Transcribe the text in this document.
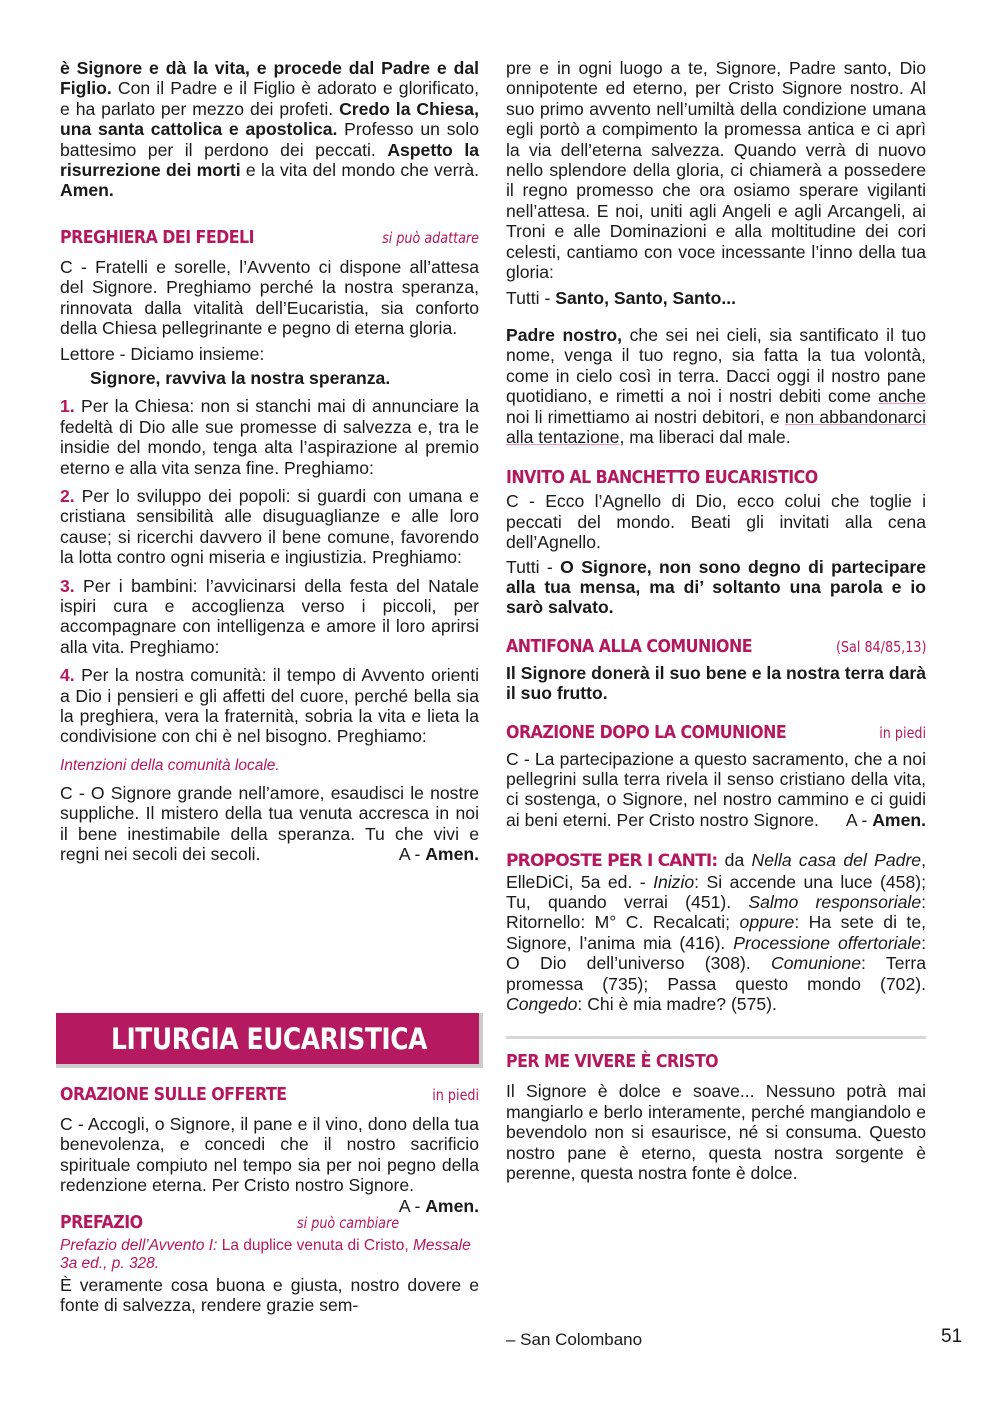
è Signore e dà la vita, e procede dal Padre e dal Figlio. Con il Padre e il Figlio è adorato e glorificato, e ha parlato per mezzo dei profeti. Credo la Chiesa, una santa cattolica e apostolica. Professo un solo battesimo per il perdono dei peccati. Aspetto la risurrezione dei morti e la vita del mondo che verrà. Amen.

PREGHIERA DEI FEDELI	si può adattare

C - Fratelli e sorelle, l’Avvento ci dispone all’attesa del Signore. Preghiamo perché la nostra speranza, rinnovata dalla vitalità dell’Eucaristia, sia conforto della Chiesa pellegrinante e pegno di eterna gloria.

Lettore - Diciamo insieme:

Signore, ravviva la nostra speranza.

1. Per la Chiesa: non si stanchi mai di annunciare la fedeltà di Dio alle sue promesse di salvezza e, tra le insidie del mondo, tenga alta l’aspirazione al premio eterno e alla vita senza fine. Preghiamo:

2. Per lo sviluppo dei popoli: si guardi con umana e cristiana sensibilità alle disuguaglianze e alle loro cause; si ricerchi davvero il bene comune, favorendo la lotta contro ogni miseria e ingiustizia. Preghiamo:

3. Per i bambini: l’avvicinarsi della festa del Natale ispiri cura e accoglienza verso i piccoli, per accompagnare con intelligenza e amore il loro aprirsi alla vita. Preghiamo:

4. Per la nostra comunità: il tempo di Avvento orienti a Dio i pensieri e gli affetti del cuore, perché bella sia la preghiera, vera la fraternità, sobria la vita e lieta la condivisione con chi è nel bisogno. Preghiamo:

Intenzioni della comunità locale.

C - O Signore grande nell’amore, esaudisci le nostre suppliche. Il mistero della tua venuta accresca in noi il bene inestimabile della speranza. Tu che vivi e regni nei secoli dei secoli.	A - Amen.

LITURGIA EUCARISTICA
ORAZIONE SULLE OFFERTE	in piedi

C - Accogli, o Signore, il pane e il vino, dono della tua benevolenza, e concedi che il nostro sacrificio spirituale compiuto nel tempo sia per noi pegno della redenzione eterna. Per Cristo nostro Signore.
A - Amen.

PREFAZIO	si può cambiare

Prefazio dell’Avvento I: La duplice venuta di Cristo, Messale 3a ed., p. 328.

È veramente cosa buona e giusta, nostro dovere e fonte di salvezza, rendere grazie sem-

pre e in ogni luogo a te, Signore, Padre santo, Dio onnipotente ed eterno, per Cristo Signore nostro. Al suo primo avvento nell’umiltà della condizione umana egli portò a compimento la promessa antica e ci aprì la via dell’eterna salvezza. Quando verrà di nuovo nello splendore della gloria, ci chiamerà a possedere il regno promesso che ora osiamo sperare vigilanti nell’attesa. E noi, uniti agli Angeli e agli Arcangeli, ai Troni e alle Dominazioni e alla moltitudine dei cori celesti, cantiamo con voce incessante l’inno della tua gloria:

Tutti - Santo, Santo, Santo...

Padre nostro, che sei nei cieli, sia santificato il tuo nome, venga il tuo regno, sia fatta la tua volontà, come in cielo così in terra. Dacci oggi il nostro pane quotidiano, e rimetti a noi i nostri debiti come anche noi li rimettiamo ai nostri debitori, e non abbandonarci alla tentazione, ma liberaci dal male.

INVITO AL BANCHETTO EUCARISTICO

C - Ecco l’Agnello di Dio, ecco colui che toglie i peccati del mondo. Beati gli invitati alla cena dell’Agnello.

Tutti - O Signore, non sono degno di partecipare alla tua mensa, ma di’ soltanto una parola e io sarò salvato.

ANTIFONA ALLA COMUNIONE	(Sal 84/85,13)

Il Signore donerà il suo bene e la nostra terra darà il suo frutto.

ORAZIONE DOPO LA COMUNIONE	in piedi

C - La partecipazione a questo sacramento, che a noi pellegrini sulla terra rivela il senso cristiano della vita, ci sostenga, o Signore, nel nostro cammino e ci guidi ai beni eterni. Per Cristo nostro Signore. A - Amen.

PROPOSTE PER I CANTI: da Nella casa del Padre, ElleDiCi, 5a ed. - Inizio: Si accende una luce (458); Tu, quando verrai (451). Salmo responsoriale: Ritornello: M° C. Recalcati; oppure: Ha sete di te, Signore, l’anima mia (416). Processione offertoriale: O Dio dell’universo (308). Comunione: Terra promessa (735); Passa questo mondo (702). Congedo: Chi è mia madre? (575).

PER ME VIVERE È CRISTO

Il Signore è dolce e soave... Nessuno potrà mai mangiarlo e berlo interamente, perché mangiandolo e bevendolo non si esaurisce, né si consuma. Questo nostro pane è eterno, questa nostra sorgente è perenne, questa nostra fonte è dolce.

– San Colombano	51
